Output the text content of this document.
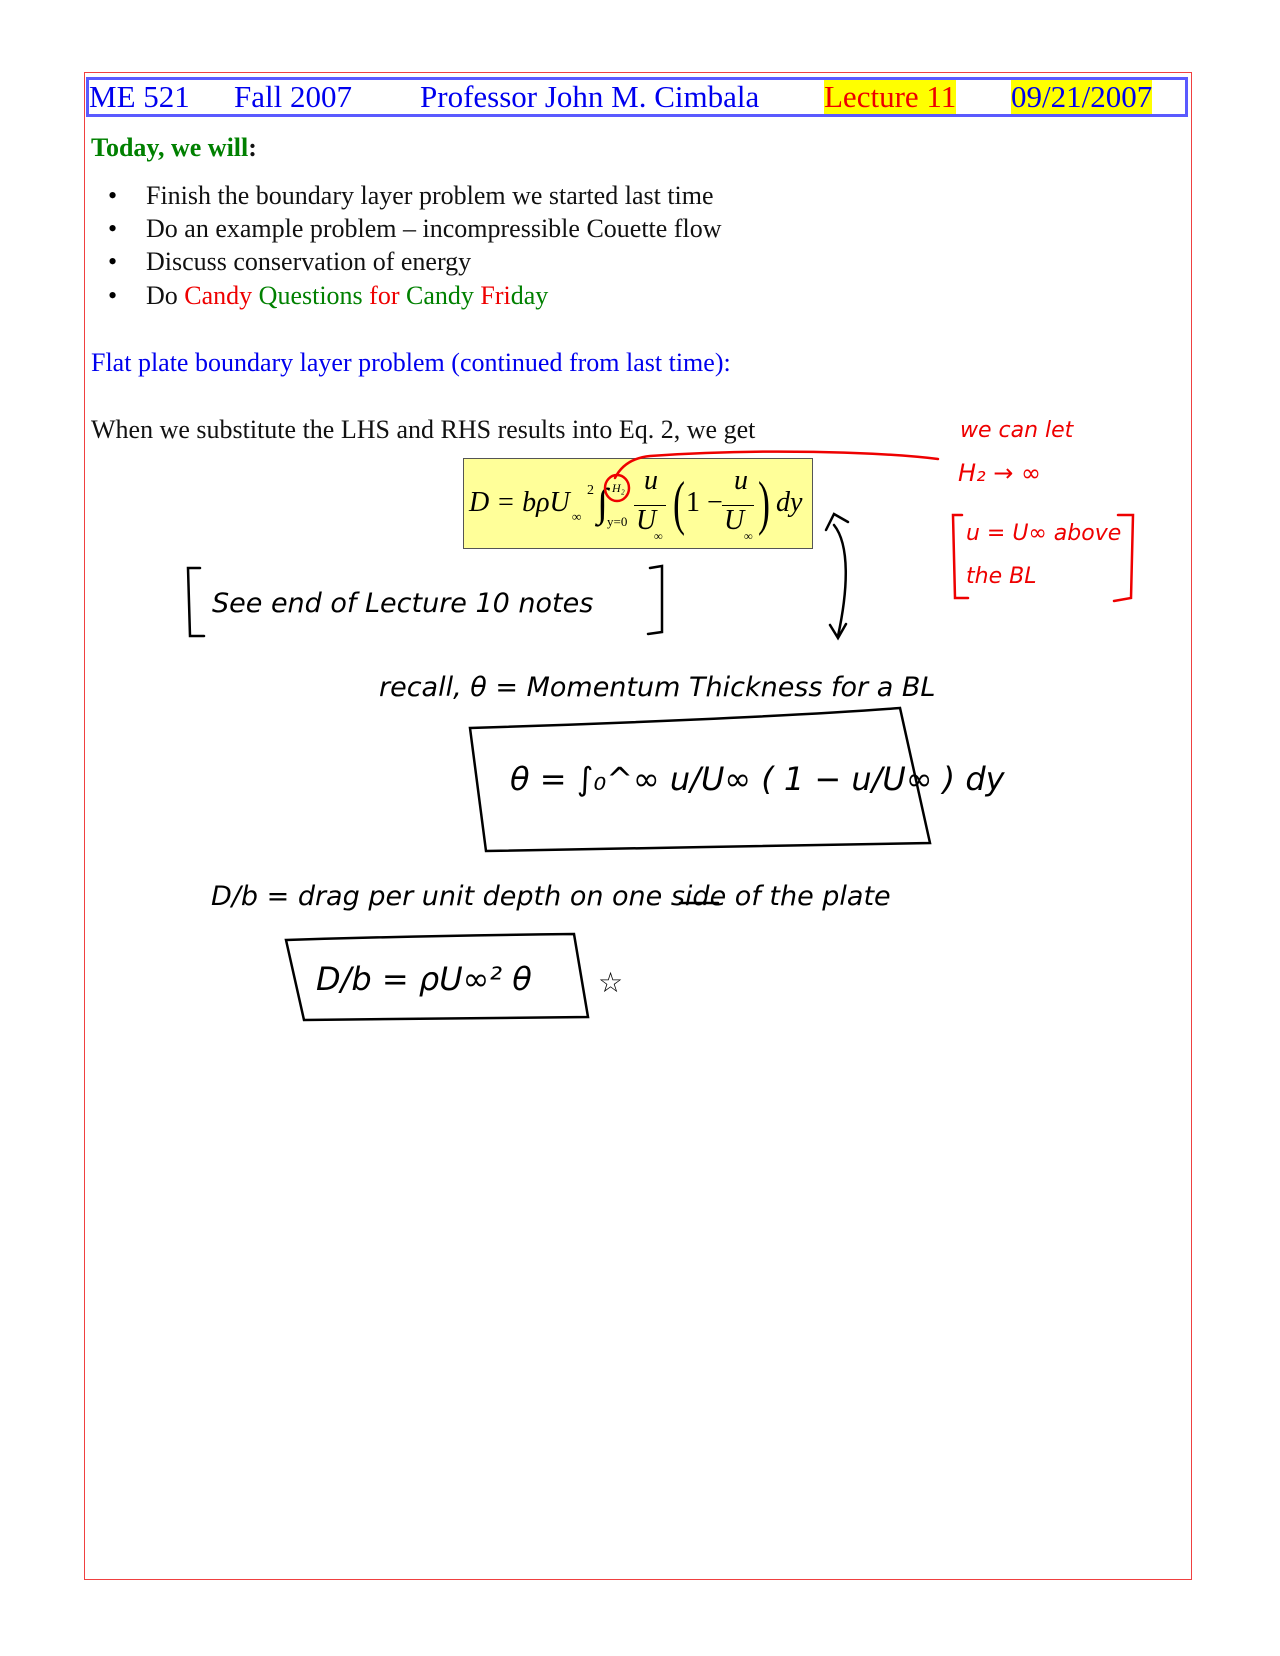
ME 521 Fall 2007 Professor John M. Cimbala Lecture 11 09/21/2007
Today, we will:
• Finish the boundary layer problem we started last time
• Do an example problem – incompressible Couette flow
• Discuss conservation of energy
• Do Candy Questions for Candy Friday
Flat plate boundary layer problem (continued from last time):
When we substitute the LHS and RHS results into Eq. 2, we get
D = bρU ∞
2 ∫ H₂
y=0
u
U
∞ ( 1 −
u
U ∞ ) dy
we can let
H₂ → ∞
u = U∞ above
the BL
See end of Lecture 10 notes
recall, θ = Momentum Thickness for a BL
θ = ∫₀^∞ u/U∞ ( 1 − u/U∞ ) dy
D/b = drag per unit depth on one side of the plate
D/b = ρU∞² θ ☆
